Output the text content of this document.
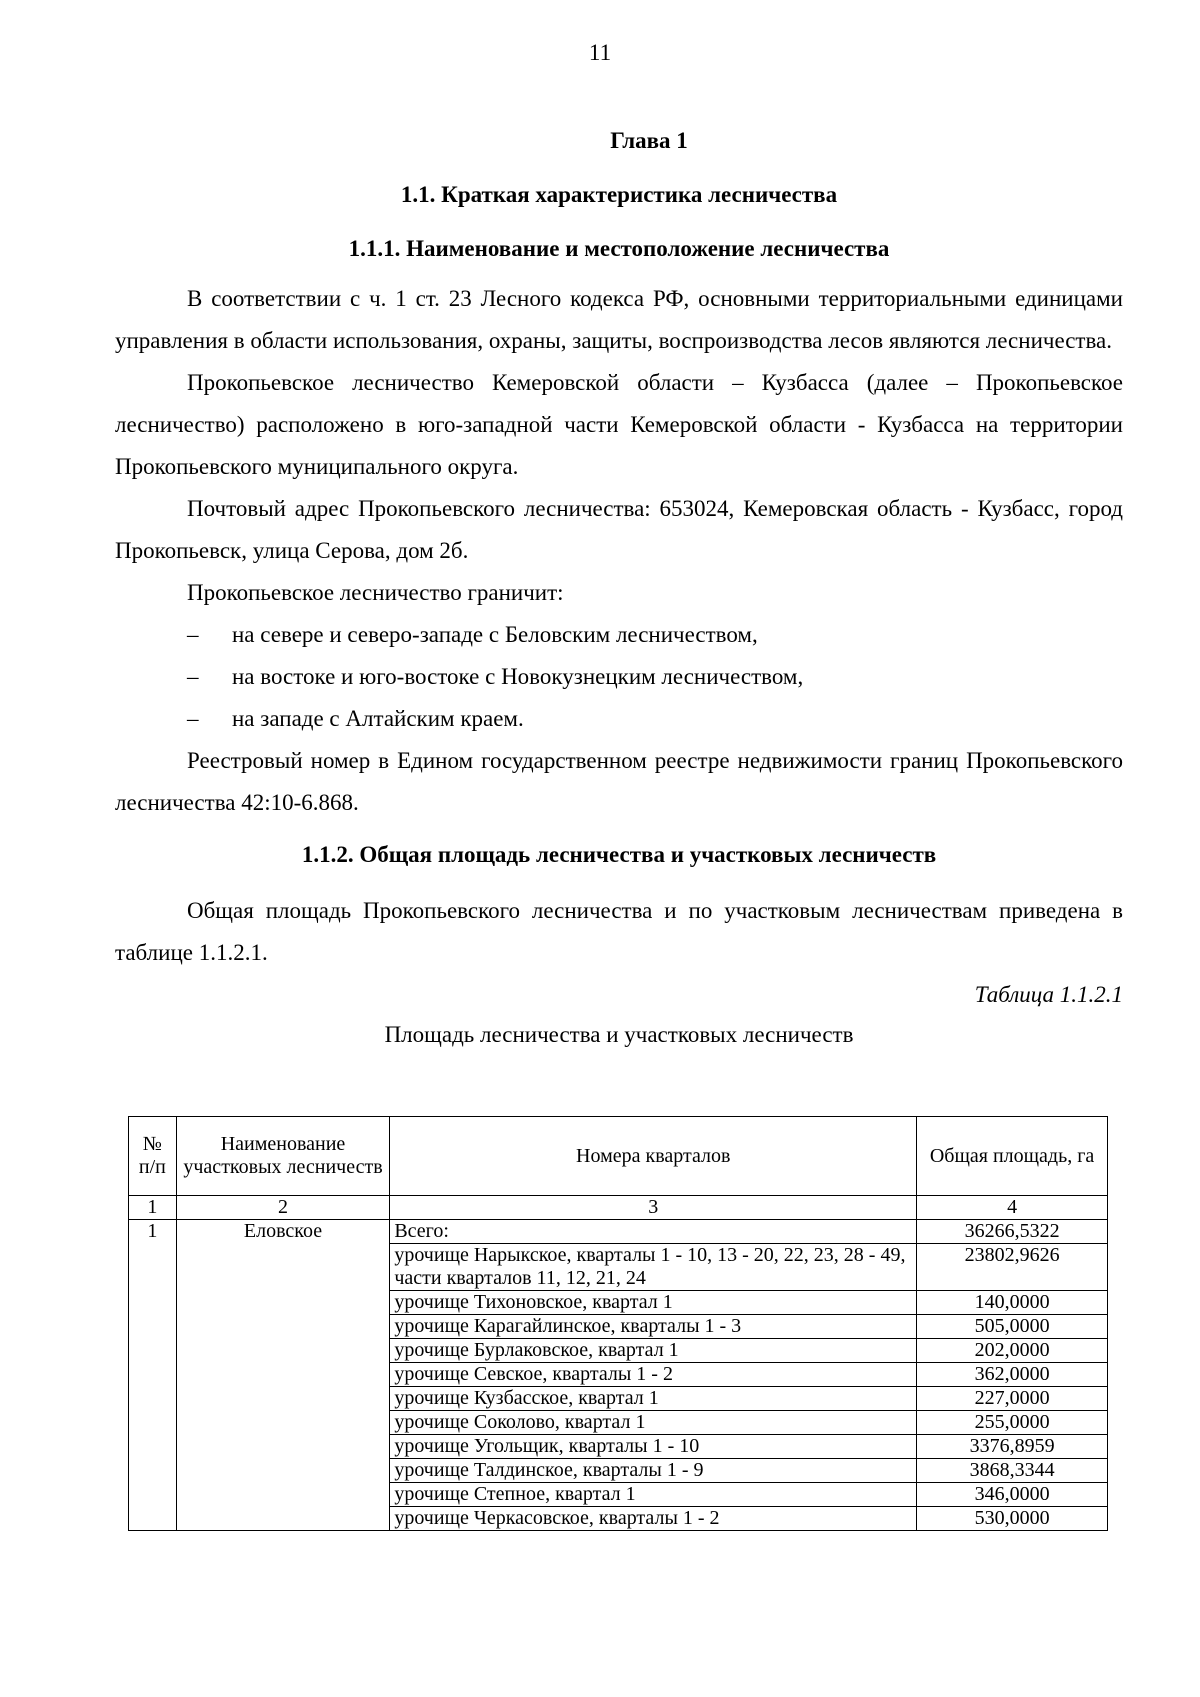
11
Глава 1
1.1. Краткая характеристика лесничества
1.1.1. Наименование и местоположение лесничества

В соответствии с ч. 1 ст. 23 Лесного кодекса РФ, основными территориальными единицами управления в области использования, охраны, защиты, воспроизводства лесов являются лесничества.

Прокопьевское лесничество Кемеровской области – Кузбасса (далее – Прокопьевское лесничество) расположено в юго-западной части Кемеровской области - Кузбасса на территории Прокопьевского муниципального округа.

Почтовый адрес Прокопьевского лесничества: 653024, Кемеровская область - Кузбасс, город Прокопьевск, улица Серова, дом 2б.

Прокопьевское лесничество граничит:

–	на севере и северо-западе с Беловским лесничеством,
–	на востоке и юго-востоке с Новокузнецким лесничеством,
–	на западе с Алтайским краем.

Реестровый номер в Едином государственном реестре недвижимости границ Прокопьевского лесничества 42:10-6.868.

1.1.2. Общая площадь лесничества и участковых лесничеств

Общая площадь Прокопьевского лесничества и по участковым лесничествам приведена в таблице 1.1.2.1.

Таблица 1.1.2.1
Площадь лесничества и участковых лесничеств
№ п/п	Наименование участковых лесничеств	Номера кварталов	Общая площадь, га
1	2	3	4
1	Еловское	Всего:	36266,5322
		урочище Нарыкское, кварталы 1 - 10, 13 - 20, 22, 23, 28 - 49, части кварталов 11, 12, 21, 24	23802,9626
		урочище Тихоновское, квартал 1	140,0000
		урочище Карагайлинское, кварталы 1 - 3	505,0000
		урочище Бурлаковское, квартал 1	202,0000
		урочище Севское, кварталы 1 - 2	362,0000
		урочище Кузбасское, квартал 1	227,0000
		урочище Соколово, квартал 1	255,0000
		урочище Угольщик, кварталы 1 - 10	3376,8959
		урочище Талдинское, кварталы 1 - 9	3868,3344
		урочище Степное, квартал 1	346,0000
		урочище Черкасовское, кварталы 1 - 2	530,0000
